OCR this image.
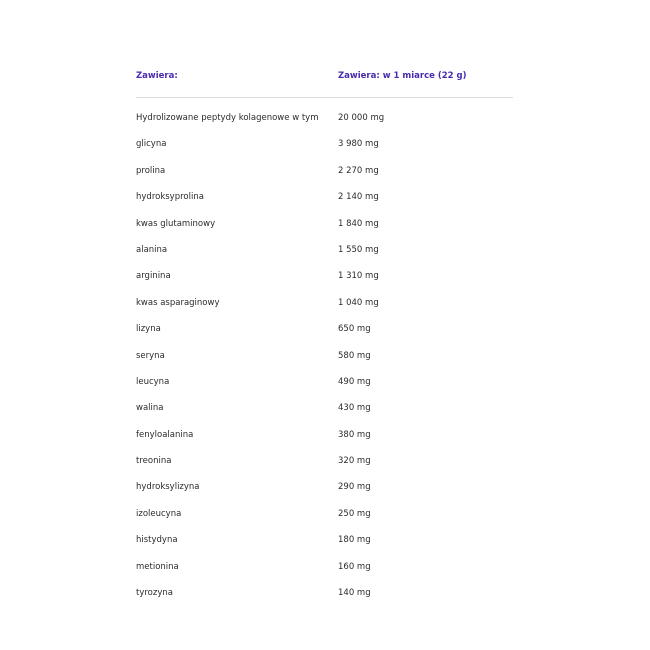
Zawiera:	Zawiera: w 1 miarce (22 g)
Hydrolizowane peptydy kolagenowe w tym 20 000 mg
glicyna	3 980 mg
prolina	2 270 mg
hydroksyprolina	2 140 mg
kwas glutaminowy	1 840 mg
alanina	1 550 mg
arginina	1 310 mg
kwas asparaginowy	1 040 mg
lizyna	650 mg
seryna	580 mg
leucyna	490 mg
walina	430 mg
fenyloalanina	380 mg
treonina	320 mg
hydroksylizyna	290 mg
izoleucyna	250 mg
histydyna	180 mg
metionina	160 mg
tyrozyna	140 mg
